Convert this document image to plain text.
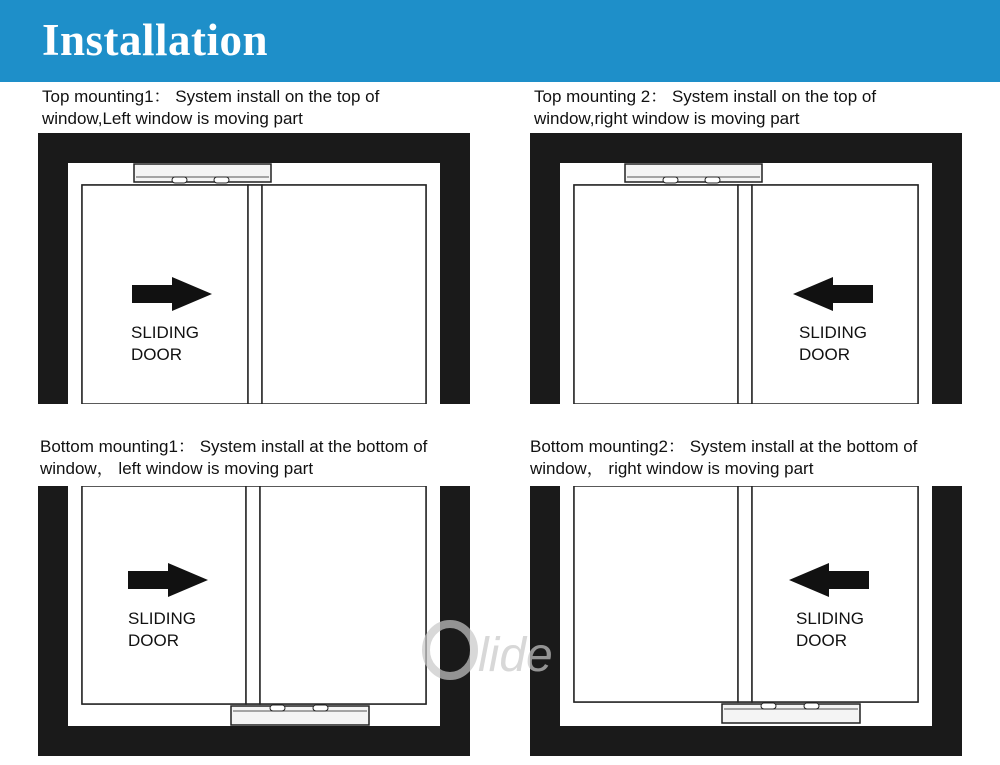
Installation
Top mounting1： System install on the top of
window,Left window is moving part
Top mounting 2： System install on the top of
window,right window is moving part
Bottom mounting1： System install at the bottom of
window， left window is moving part
Bottom mounting2： System install at the bottom of
window， right window is moving part
SLIDING
DOOR
SLIDING
DOOR
SLIDING
DOOR
SLIDING
DOOR
lide
